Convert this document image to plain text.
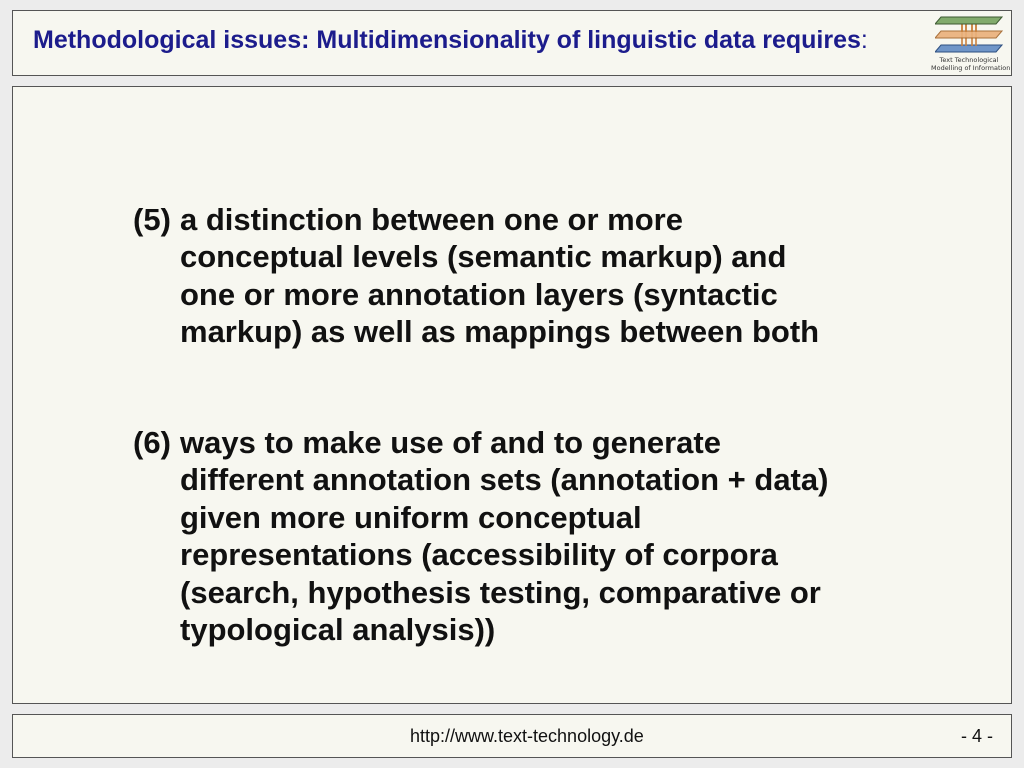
Methodological issues: Multidimensionality of linguistic data requires:
Text Technological
Modelling of Information
(5) a distinction between one or more
conceptual levels (semantic markup) and
one or more annotation layers (syntactic
markup) as well as mappings between both
(6) ways to make use of and to generate
different annotation sets (annotation + data)
given more uniform conceptual
representations (accessibility of corpora
(search, hypothesis testing, comparative or
typological analysis))
http://www.text-technology.de	- 4 -
